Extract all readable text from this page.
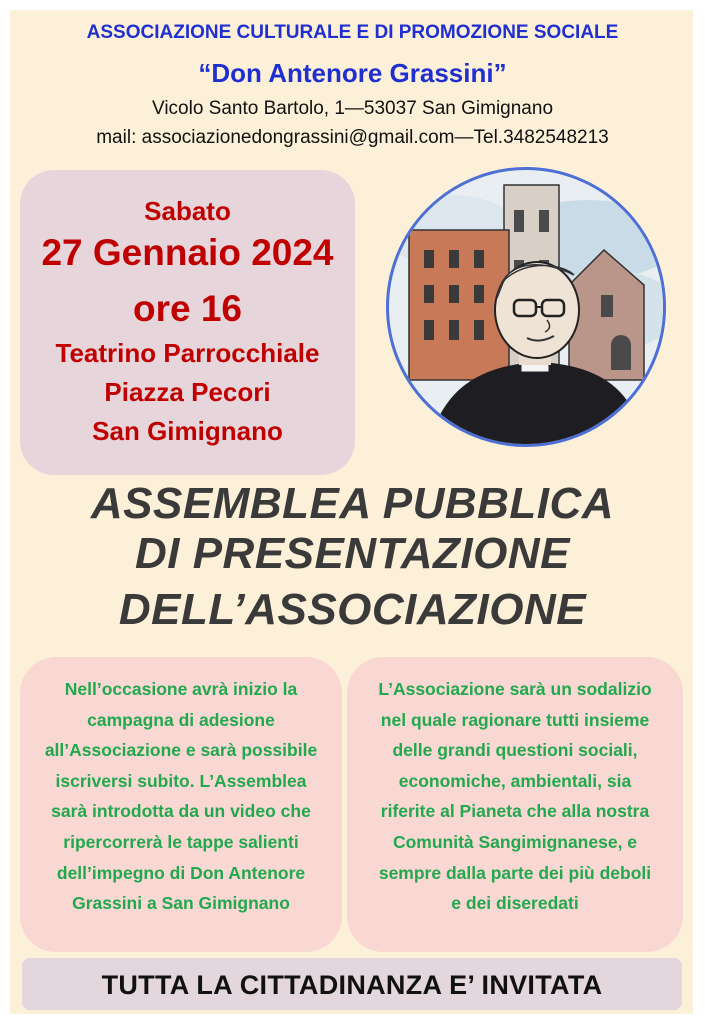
ASSOCIAZIONE CULTURALE E DI PROMOZIONE SOCIALE
“Don Antenore Grassini”
Vicolo Santo Bartolo, 1—53037 San Gimignano
mail: associazionedongrassini@gmail.com—Tel.3482548213
Sabato
27 Gennaio 2024
ore 16
Teatrino Parrocchiale
Piazza Pecori
San Gimignano
ASSEMBLEA PUBBLICA
DI PRESENTAZIONE
DELL’ASSOCIAZIONE
Nell’occasione avrà inizio la
campagna di adesione
all’Associazione e sarà possibile
iscriversi subito. L’Assemblea
sarà introdotta da un video che
ripercorrerà le tappe salienti
dell’impegno di Don Antenore
Grassini a San Gimignano
L’Associazione sarà un sodalizio
nel quale ragionare tutti insieme
delle grandi questioni sociali,
economiche, ambientali, sia
riferite al Pianeta che alla nostra
Comunità Sangimignanese, e
sempre dalla parte dei più deboli
e dei diseredati
TUTTA LA CITTADINANZA E’ INVITATA
